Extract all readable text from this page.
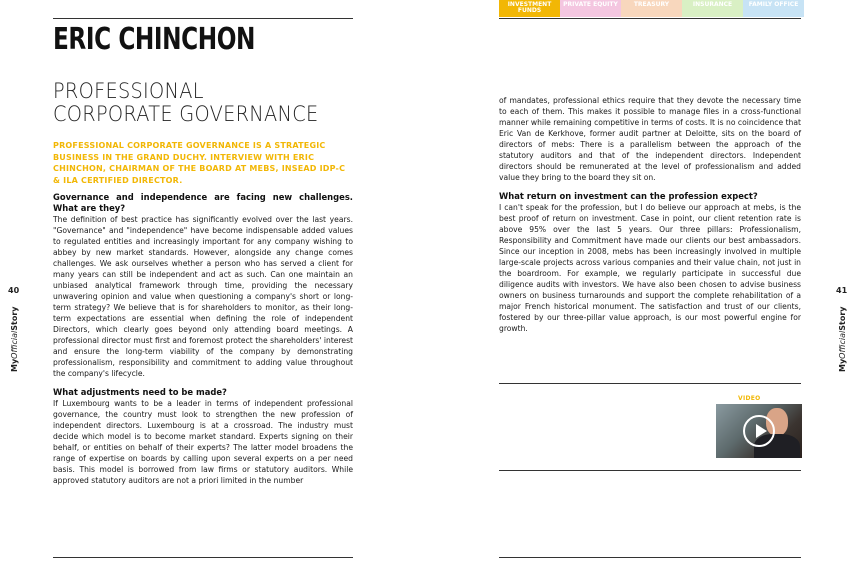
ERIC CHINCHON
PROFESSIONAL CORPORATE GOVERNANCE
PROFESSIONAL CORPORATE GOVERNANCE IS A STRATEGIC BUSINESS IN THE GRAND DUCHY. INTERVIEW WITH ERIC CHINCHON, CHAIRMAN OF THE BOARD AT MEBS, INSEAD IDP-C & ILA CERTIFIED DIRECTOR.
Governance and independence are facing new challenges. What are they?

The definition of best practice has significantly evolved over the last years. "Governance" and "independence" have become indispensable added values to regulated entities and increasingly important for any company wishing to abbey by new market standards. However, alongside any change comes challenges. We ask ourselves whether a person who has served a client for many years can still be independent and act as such. Can one maintain an unbiased analytical framework through time, providing the necessary unwavering opinion and value when questioning a company's short or long-term strategy? We believe that is for shareholders to monitor, as their long-term expectations are essential when defining the role of independent Directors, which clearly goes beyond only attending board meetings. A professional director must first and foremost protect the shareholders' interest and ensure the long-term viability of the company by demonstrating professionalism, responsibility and commitment to adding value throughout the company's lifecycle.

What adjustments need to be made?

If Luxembourg wants to be a leader in terms of independent professional governance, the country must look to strengthen the new profession of independent directors. Luxembourg is at a crossroad. The industry must decide which model is to become market standard. Experts signing on their behalf, or entities on behalf of their experts? The latter model broadens the range of expertise on boards by calling upon several experts on a per need basis. This model is borrowed from law firms or statutory auditors. While approved statutory auditors are not a priori limited in the number

40
MyOfficialStory
INVESTMENT FUNDS
PRIVATE EQUITY	TREASURY	INSURANCE	FAMILY OFFICE

of mandates, professional ethics require that they devote the necessary time to each of them. This makes it possible to manage files in a cross-functional manner while remaining competitive in terms of costs. It is no coincidence that Eric Van de Kerkhove, former audit partner at Deloitte, sits on the board of directors of mebs: There is a parallelism between the approach of the statutory auditors and that of the independent directors. Independent directors should be remunerated at the level of professionalism and added value they bring to the board they sit on.

What return on investment can the profession expect?

I can't speak for the profession, but I do believe our approach at mebs, is the best proof of return on investment. Case in point, our client retention rate is above 95% over the last 5 years. Our three pillars: Professionalism, Responsibility and Commitment have made our clients our best ambassadors. Since our inception in 2008, mebs has been increasingly involved in multiple large-scale projects across various companies and their value chain, not just in the boardroom. For example, we regularly participate in successful due diligence audits with investors. We have also been chosen to advise business owners on business turnarounds and support the complete rehabilitation of a major French historical monument. The satisfaction and trust of our clients, fostered by our three-pillar value approach, is our most powerful engine for growth.

VIDEO
41
MyOfficialStory
